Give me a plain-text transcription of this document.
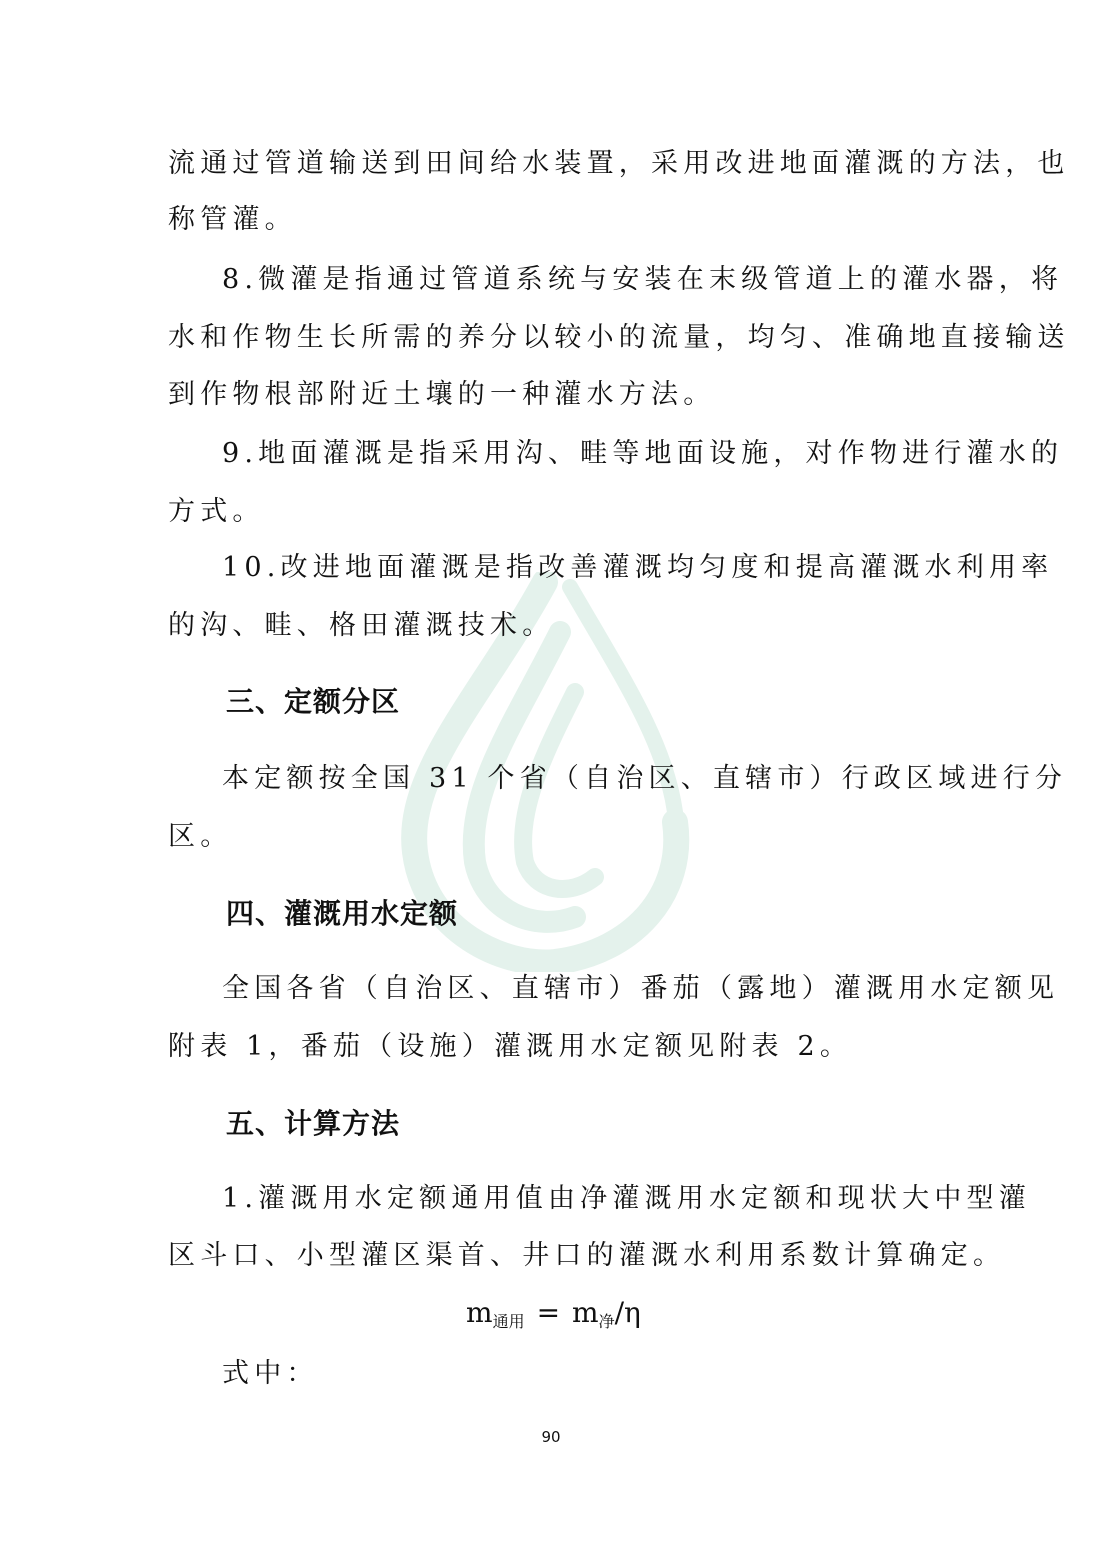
流通过管道输送到田间给水装置，采用改进地面灌溉的方法，也
称管灌。
8.微灌是指通过管道系统与安装在末级管道上的灌水器，将
水和作物生长所需的养分以较小的流量，均匀、准确地直接输送
到作物根部附近土壤的一种灌水方法。
9.地面灌溉是指采用沟、畦等地面设施，对作物进行灌水的
方式。
10.改进地面灌溉是指改善灌溉均匀度和提高灌溉水利用率
的沟、畦、格田灌溉技术。
三、定额分区
本定额按全国 31 个省（自治区、直辖市）行政区域进行分
区。
四、灌溉用水定额
全国各省（自治区、直辖市）番茄（露地）灌溉用水定额见
附表 1，番茄（设施）灌溉用水定额见附表 2。
五、计算方法
1.灌溉用水定额通用值由净灌溉用水定额和现状大中型灌
区斗口、小型灌区渠首、井口的灌溉水利用系数计算确定。
$m_{通用} = m_净/\eta$
式中：
90
